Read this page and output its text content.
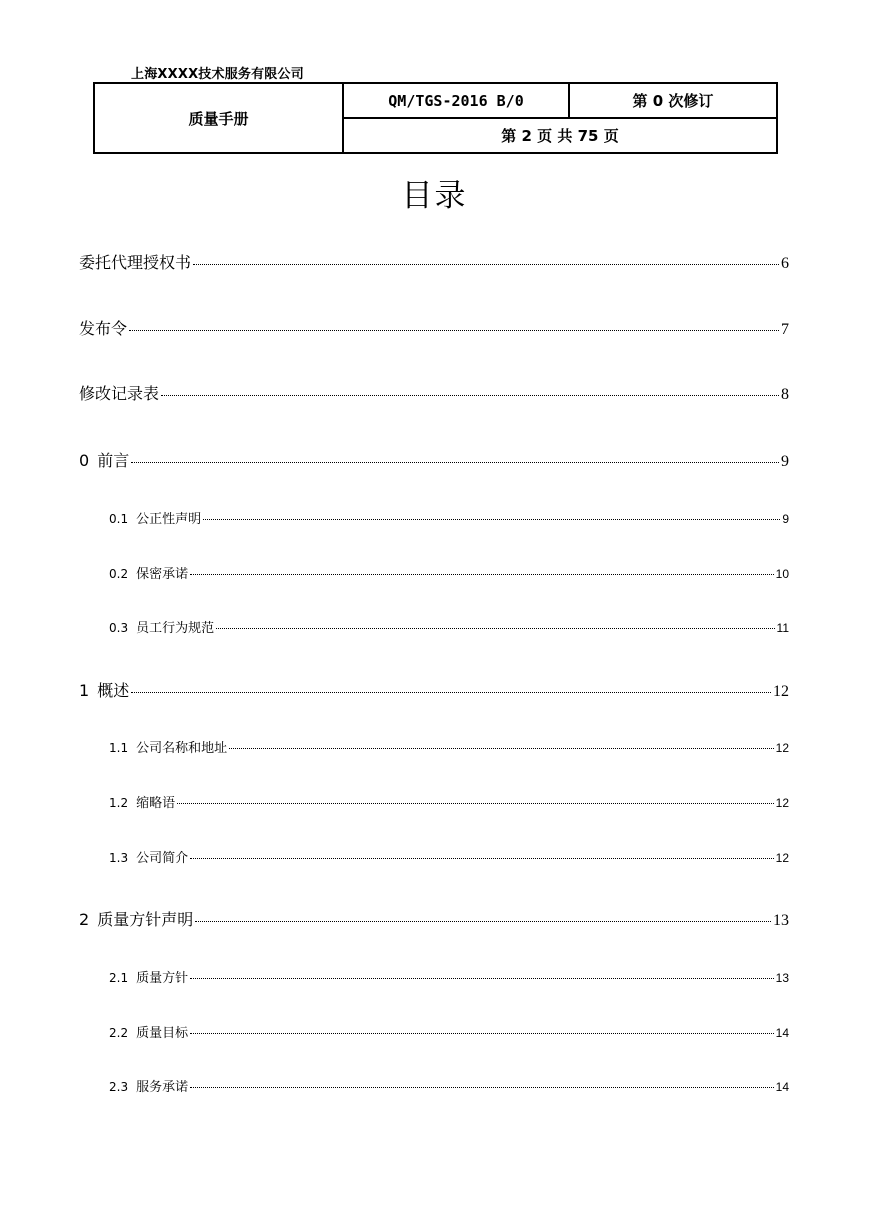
上海XXXX技术服务有限公司
质量手册	QM/TGS-2016 B/0	第 0 次修订
第 2 页 共 75 页
目录
委托代理授权书	6
发布令	7
修改记录表	8
0 前言	9
0.1 公正性声明	9
0.2 保密承诺	10
0.3 员工行为规范	11
1 概述	12
1.1 公司名称和地址	12
1.2 缩略语	12
1.3 公司简介	12
2 质量方针声明	13
2.1 质量方针	13
2.2 质量目标	14
2.3 服务承诺	14
